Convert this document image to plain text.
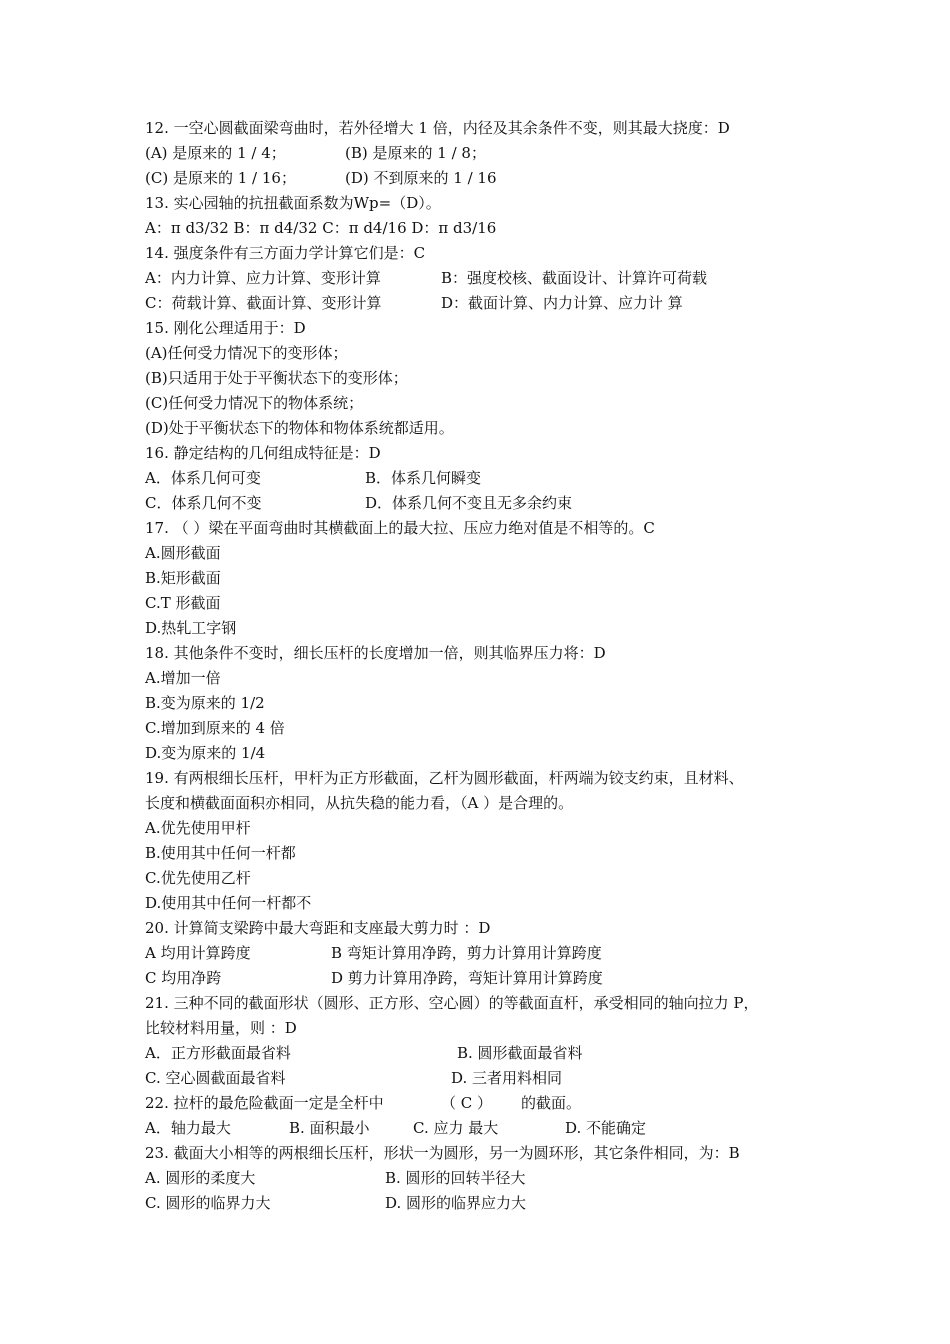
12. 一空心圆截面梁弯曲时，若外径增大 1 倍，内径及其余条件不变，则其最大挠度：D
(A) 是原来的 1 / 4；	(B) 是原来的 1 / 8；
(C) 是原来的 1 / 16；	(D) 不到原来的 1 / 16
13. 实心园轴的抗扭截面系数为Wp=（D）。
A：π d3/32 B：π d4/32 C：π d4/16 D：π d3/16
14. 强度条件有三方面力学计算它们是：C
A：内力计算、应力计算、变形计算	B：强度校核、截面设计、计算许可荷载
C：荷载计算、截面计算、变形计算	D：截面计算、内力计算、应力计 算
15. 刚化公理适用于：D
(A)任何受力情况下的变形体；
(B)只适用于处于平衡状态下的变形体；
(C)任何受力情况下的物体系统；
(D)处于平衡状态下的物体和物体系统都适用。
16. 静定结构的几何组成特征是：D
A．体系几何可变	B．体系几何瞬变
C．体系几何不变	D．体系几何不变且无多余约束
17. （ ）梁在平面弯曲时其横截面上的最大拉、压应力绝对值是不相等的。C
A.圆形截面
B.矩形截面
C.T 形截面
D.热轧工字钢
18. 其他条件不变时，细长压杆的长度增加一倍，则其临界压力将：D
A.增加一倍
B.变为原来的 1/2
C.增加到原来的 4 倍
D.变为原来的 1/4
19. 有两根细长压杆，甲杆为正方形截面，乙杆为圆形截面，杆两端为铰支约束，且材料、
长度和横截面面积亦相同，从抗失稳的能力看，（A ）是合理的。
A.优先使用甲杆
B.使用其中任何一杆都
C.优先使用乙杆
D.使用其中任何一杆都不
20. 计算简支梁跨中最大弯距和支座最大剪力时 ：D
A 均用计算跨度	B 弯矩计算用净跨，剪力计算用计算跨度
C 均用净跨	D 剪力计算用净跨，弯矩计算用计算跨度
21. 三种不同的截面形状（圆形、正方形、空心圆）的等截面直杆，承受相同的轴向拉力 P，
比较材料用量，则 ：D
A．正方形截面最省料	B. 圆形截面最省料
C. 空心圆截面最省料	D. 三者用料相同
22. 拉杆的最危险截面一定是全杆中	（ C ） 的截面。
A．轴力最大	B. 面积最小	C. 应力 最大	D. 不能确定
23. 截面大小相等的两根细长压杆，形状一为圆形，另一为圆环形，其它条件相同，为：B
A. 圆形的柔度大	B. 圆形的回转半径大
C. 圆形的临界力大	D. 圆形的临界应力大
